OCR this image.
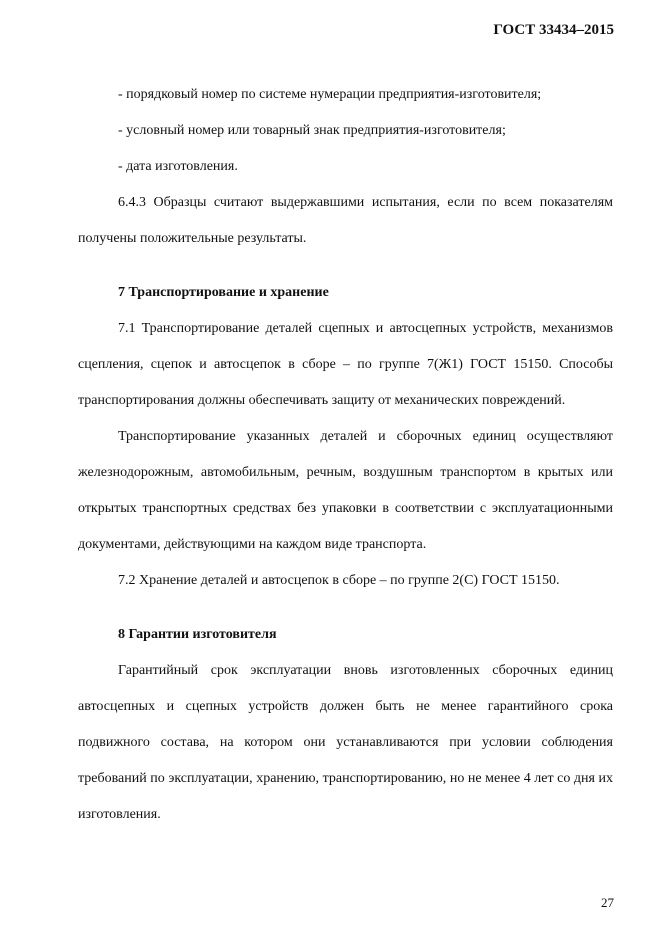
ГОСТ 33434–2015

- порядковый номер по системе нумерации предприятия-изготовителя;

- условный номер или товарный знак предприятия-изготовителя;

- дата изготовления.

6.4.3 Образцы считают выдержавшими испытания, если по всем показателям получены положительные результаты.

7 Транспортирование и хранение

7.1 Транспортирование деталей сцепных и автосцепных устройств, механизмов сцепления, сцепок и автосцепок в сборе – по группе 7(Ж1) ГОСТ 15150. Способы транспортирования должны обеспечивать защиту от механических повреждений.

Транспортирование указанных деталей и сборочных единиц осуществляют железнодорожным, автомобильным, речным, воздушным транспортом в крытых или открытых транспортных средствах без упаковки в соответствии с эксплуатационными документами, действующими на каждом виде транспорта.

7.2 Хранение деталей и автосцепок в сборе – по группе 2(С) ГОСТ 15150.

8 Гарантии изготовителя

Гарантийный срок эксплуатации вновь изготовленных сборочных единиц автосцепных и сцепных устройств должен быть не менее гарантийного срока подвижного состава, на котором они устанавливаются при условии соблюдения требований по эксплуатации, хранению, транспортированию, но не менее 4 лет со дня их изготовления.

27
